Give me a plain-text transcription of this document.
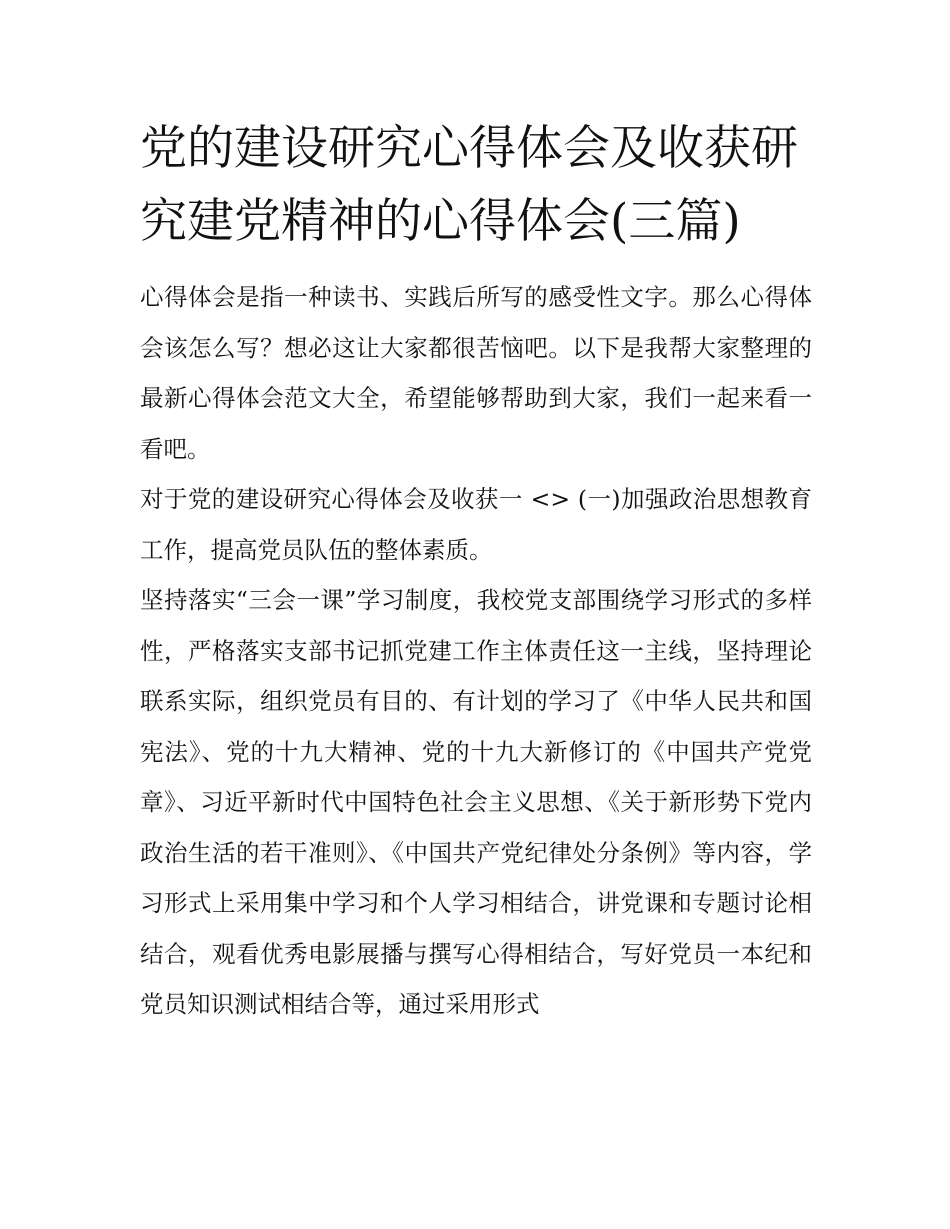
党的建设研究心得体会及收获研究建党精神的心得体会(三篇)

心得体会是指一种读书、实践后所写的感受性文字。那么心得体会该怎么写？想必这让大家都很苦恼吧。以下是我帮大家整理的最新心得体会范文大全，希望能够帮助到大家，我们一起来看一看吧。

对于党的建设研究心得体会及收获一 <> (一)加强政治思想教育工作，提高党员队伍的整体素质。

坚持落实“三会一课”学习制度，我校党支部围绕学习形式的多样性，严格落实支部书记抓党建工作主体责任这一主线，坚持理论联系实际，组织党员有目的、有计划的学习了《中华人民共和国宪法》、党的十九大精神、党的十九大新修订的《中国共产党党章》、习近平新时代中国特色社会主义思想、《关于新形势下党内政治生活的若干准则》、《中国共产党纪律处分条例》等内容，学习形式上采用集中学习和个人学习相结合，讲党课和专题讨论相结合，观看优秀电影展播与撰写心得相结合，写好党员一本纪和党员知识测试相结合等，通过采用形式
